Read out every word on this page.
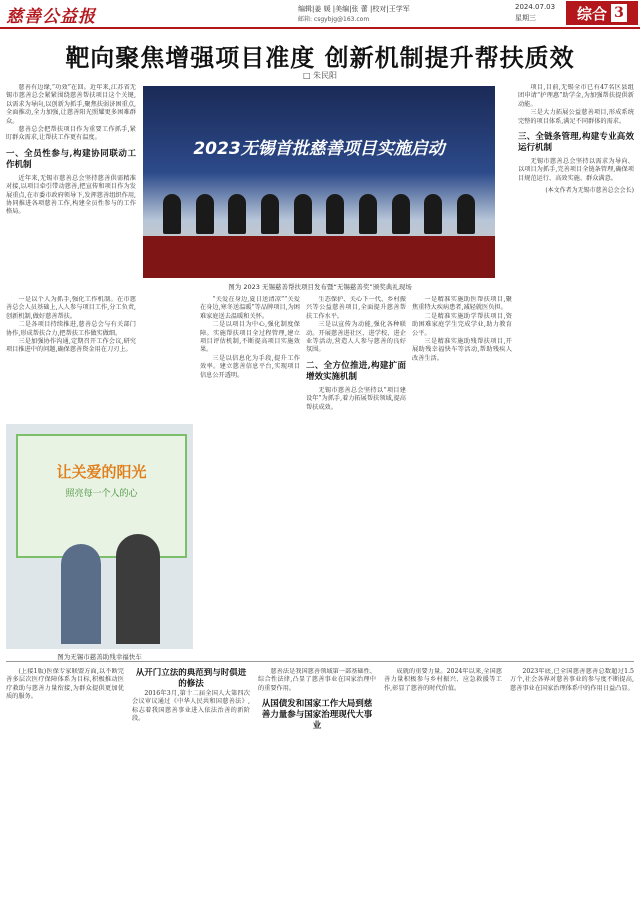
慈善公益报	编辑|姜 媛 |美编|张 蕾 |校对|王学军
邮箱: csgybjg@163.com
2024.07.03
星期三	综合 3
靶向聚焦增强项目准度 创新机制提升帮扶质效
□ 朱民阳
2023无锡首批慈善项目实施启动
图为 2023 无锡慈善帮扶项目发布暨“无锡慈善奖”颁奖典礼现场

慈善有边缘,“功效”在回。近年来,江苏省无锡市慈善总会紧紧围绕慈善帮扶项目这个关键,以需求为导向,以创新为抓手,聚焦扶弱济困重点,全面推动,全力加强,让慈善阳光照耀更多困难群众。

慈善总会把帮扶项目作为重要工作抓手,紧盯群众需求,让帮扶工作更有温度。

一、全员性参与,构建协同联动工作机制

近年来,无锡市慈善总会坚持慈善供需精准对接,以项目牵引带动慈善,把宣传和项目作为发展重点,在市委市政府领导下,发挥慈善组织作用,协同推进各项慈善工作,构建全员性参与的工作格局。

让关爱的阳光
照亮每一个人的心
图为无锡市慈善助残幸福快车

一是以个人为抓手,强化工作机制。在市慈善总会人员基础上,人人参与项目工作,分工负责,创新机制,做好慈善帮扶。

二是各项目持续推进,慈善总会与有关部门协作,形成帮扶合力,把帮扶工作做实做细。

三是加强协作沟通,定期召开工作会议,研究项目推进中的问题,确保慈善资金用在刀刃上。

“关爱在身边,夏日送清凉”“关爱在身边,寒冬送温暖”等品牌项目,为困难家庭送去温暖和关怀。

二是以项目为中心,强化制度保障。实施帮扶项目全过程管理,建立项目评估机制,不断提高项目实施效果。

三是以信息化为手段,提升工作效率。建立慈善信息平台,实现项目信息公开透明。

生态保护、关心下一代、乡村振兴等公益慈善项目,全面提升慈善帮扶工作水平。

三是以宣传为动能,强化各种联动。开展慈善进社区、进学校、进企业等活动,营造人人参与慈善的良好氛围。

二、全方位推进,构建扩面增效实施机制

无锡市慈善总会坚持以“项目建设年”为抓手,着力拓展帮扶领域,提高帮扶成效。

一是精准实施助医帮扶项目,聚焦重特大疾病患者,减轻就医负担。

二是精准实施助学帮扶项目,资助困难家庭学生完成学业,助力教育公平。

三是精准实施助残帮扶项目,开展助残幸福快车等活动,帮助残疾人改善生活。

项目,目前,无锡全市已有47名区县组团申请“护理惠”助学金,为加强帮扶提供新动能。

三是大力拓展公益慈善项目,形成系统完整的项目体系,满足不同群体的需求。

三、全链条管理,构建专业高效运行机制

无锡市慈善总会坚持以需求为导向、以项目为抓手,完善项目全链条管理,确保项目规范运行、高效实施、群众满意。

(本文作者为无锡市慈善总会会长)

(上接1版)医保专家联盟方面,以不断完善多层次医疗保障体系为目标,积极推动医疗救助与慈善力量衔接,为群众提供更加优质的服务。

从开门立法的典范到与时俱进的修法

2016年3月,第十二届全国人大第四次会议审议通过《中华人民共和国慈善法》,标志着我国慈善事业进入依法治善的新阶段。

慈善法是我国慈善领域第一部基础性、综合性法律,凸显了慈善事业在国家治理中的重要作用。

从国债发和国家工作大局到慈善力量参与国家治理现代大事业

成就的重要力量。2024年以来,全国慈善力量积极参与乡村振兴、应急救援等工作,彰显了慈善的时代价值。

2023年底,已全国慈善慈善总数超过1.5万个,社会各界对慈善事业的参与度不断提高,慈善事业在国家治理体系中的作用日益凸显。
